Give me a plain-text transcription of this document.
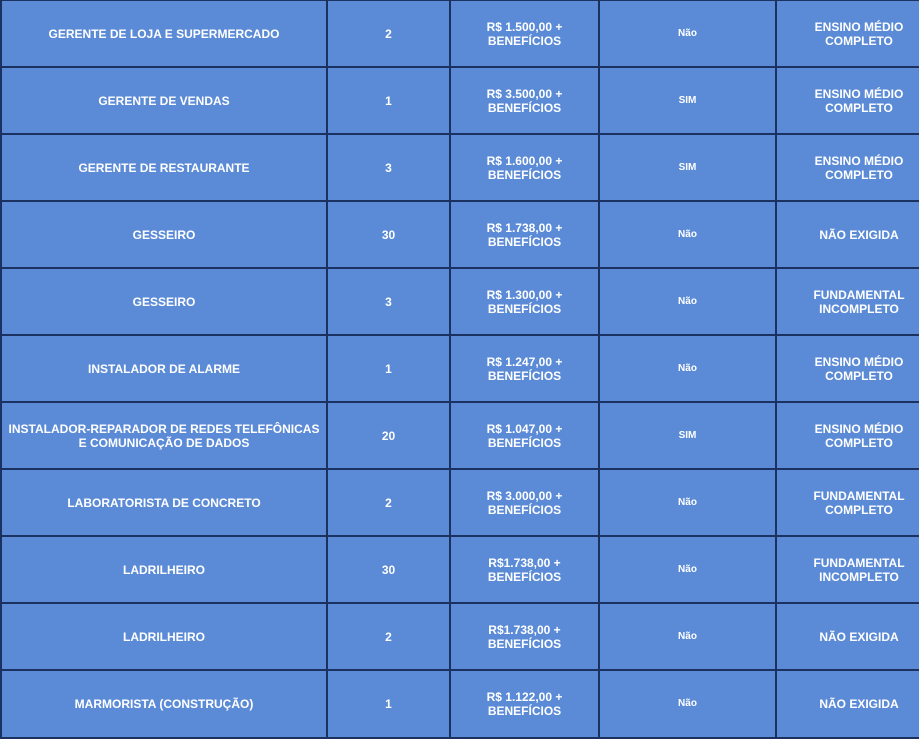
GERENTE DE LOJA E SUPERMERCADO	2	R$ 1.500,00 +
BENEFÍCIOS	Não	ENSINO MÉDIO
COMPLETO

GERENTE DE VENDAS	1	R$ 3.500,00 +
BENEFÍCIOS	SIM	ENSINO MÉDIO
COMPLETO

GERENTE DE RESTAURANTE	3	R$ 1.600,00 +
BENEFÍCIOS	SIM	ENSINO MÉDIO
COMPLETO

GESSEIRO	30	R$ 1.738,00 +
BENEFÍCIOS	Não	NÃO EXIGIDA

GESSEIRO	3	R$ 1.300,00 +
BENEFÍCIOS	Não	FUNDAMENTAL
INCOMPLETO

INSTALADOR DE ALARME	1	R$ 1.247,00 +
BENEFÍCIOS	Não	ENSINO MÉDIO
COMPLETO

INSTALADOR-REPARADOR DE REDES TELEFÔNICAS E COMUNICAÇÃO DE DADOS	20	R$ 1.047,00 +
BENEFÍCIOS	SIM	ENSINO MÉDIO
COMPLETO

LABORATORISTA DE CONCRETO	2	R$ 3.000,00 +
BENEFÍCIOS	Não	FUNDAMENTAL
COMPLETO

LADRILHEIRO	30	R$1.738,00 +
BENEFÍCIOS	Não	FUNDAMENTAL
INCOMPLETO

LADRILHEIRO	2	R$1.738,00 +
BENEFÍCIOS	Não	NÃO EXIGIDA

MARMORISTA (CONSTRUÇÃO)	1	R$ 1.122,00 +
BENEFÍCIOS	Não	NÃO EXIGIDA
